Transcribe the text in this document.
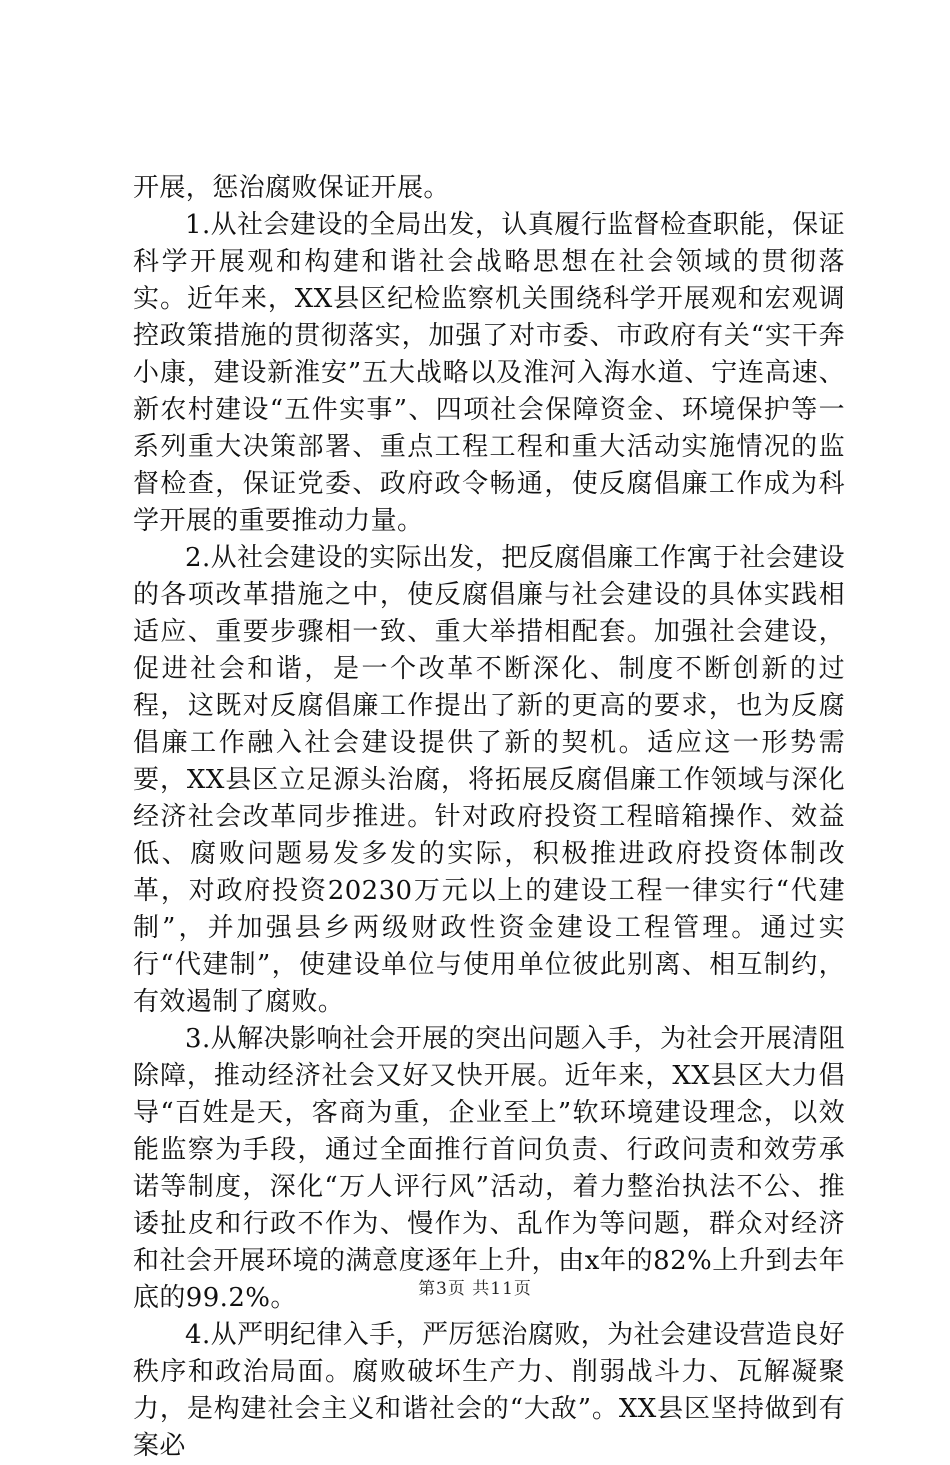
开展，惩治腐败保证开展。

1.从社会建设的全局出发，认真履行监督检查职能，保证科学开展观和构建和谐社会战略思想在社会领域的贯彻落实。近年来，XX县区纪检监察机关围绕科学开展观和宏观调控政策措施的贯彻落实，加强了对市委、市政府有关“实干奔小康，建设新淮安”五大战略以及淮河入海水道、宁连高速、新农村建设“五件实事”、四项社会保障资金、环境保护等一系列重大决策部署、重点工程工程和重大活动实施情况的监督检查，保证党委、政府政令畅通，使反腐倡廉工作成为科学开展的重要推动力量。

2.从社会建设的实际出发，把反腐倡廉工作寓于社会建设的各项改革措施之中，使反腐倡廉与社会建设的具体实践相适应、重要步骤相一致、重大举措相配套。加强社会建设，促进社会和谐，是一个改革不断深化、制度不断创新的过程，这既对反腐倡廉工作提出了新的更高的要求，也为反腐倡廉工作融入社会建设提供了新的契机。适应这一形势需要，XX县区立足源头治腐，将拓展反腐倡廉工作领域与深化经济社会改革同步推进。针对政府投资工程暗箱操作、效益低、腐败问题易发多发的实际，积极推进政府投资体制改革，对政府投资20230万元以上的建设工程一律实行“代建制”，并加强县乡两级财政性资金建设工程管理。通过实行“代建制”，使建设单位与使用单位彼此别离、相互制约，有效遏制了腐败。

3.从解决影响社会开展的突出问题入手，为社会开展清阻除障，推动经济社会又好又快开展。近年来，XX县区大力倡导“百姓是天，客商为重，企业至上”软环境建设理念，以效能监察为手段，通过全面推行首问负责、行政问责和效劳承诺等制度，深化“万人评行风”活动，着力整治执法不公、推诿扯皮和行政不作为、慢作为、乱作为等问题，群众对经济和社会开展环境的满意度逐年上升，由x年的82%上升到去年底的99.2%。

4.从严明纪律入手，严厉惩治腐败，为社会建设营造良好秩序和政治局面。腐败破坏生产力、削弱战斗力、瓦解凝聚力，是构建社会主义和谐社会的“大敌”。XX县区坚持做到有案必

第3页 共11页
